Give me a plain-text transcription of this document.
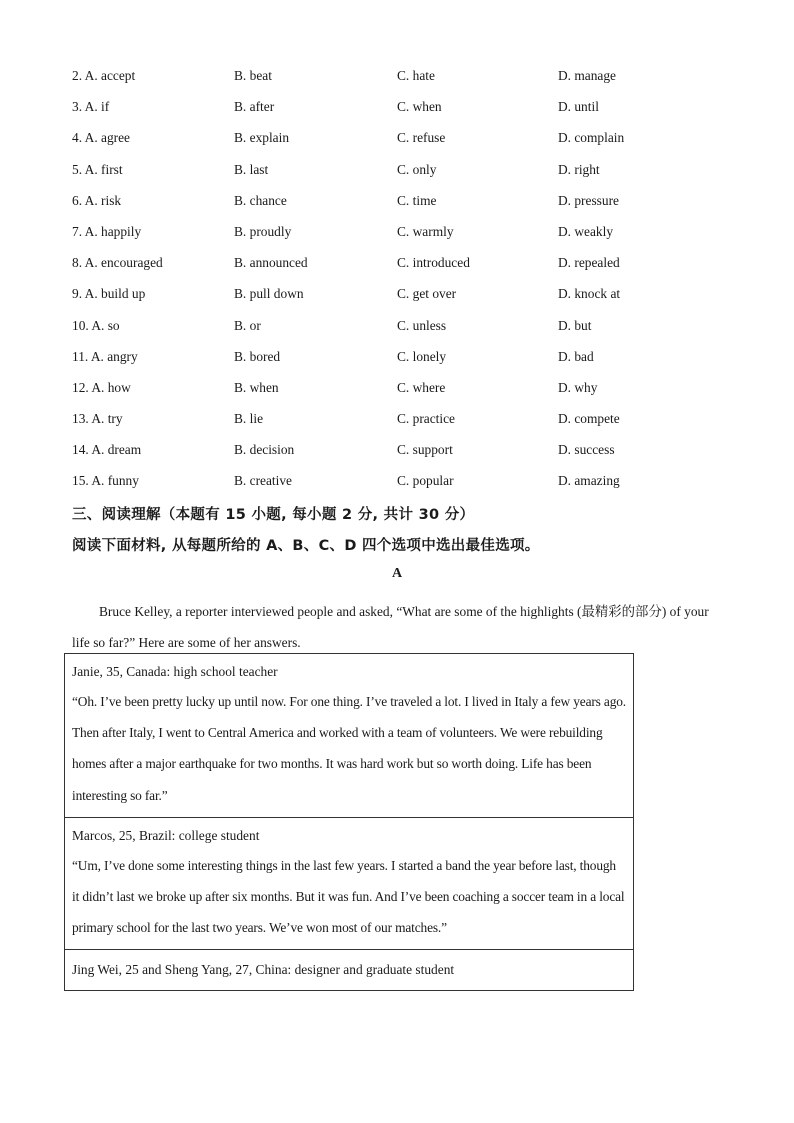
2. A. accept	B. beat	C. hate	D. manage
3. A. if	B. after	C. when	D. until
4. A. agree	B. explain	C. refuse	D. complain
5. A. first	B. last	C. only	D. right
6. A. risk	B. chance	C. time	D. pressure
7. A. happily	B. proudly	C. warmly	D. weakly
8. A. encouraged	B. announced	C. introduced	D. repealed
9. A. build up	B. pull down	C. get over	D. knock at
10. A. so	B. or	C. unless	D. but
11. A. angry	B. bored	C. lonely	D. bad
12. A. how	B. when	C. where	D. why
13. A. try	B. lie	C. practice	D. compete
14. A. dream	B. decision	C. support	D. success
15. A. funny	B. creative	C. popular	D. amazing
三、阅读理解（本题有 15 小题, 每小题 2 分, 共计 30 分）
阅读下面材料, 从每题所给的 A、B、C、D 四个选项中选出最佳选项。
A
Bruce Kelley, a reporter interviewed people and asked, “What are some of the highlights (最精彩的部分) of your life so far?” Here are some of her answers.
Janie, 35, Canada: high school teacher
“Oh. I’ve been pretty lucky up until now. For one thing. I’ve traveled a lot. I lived in Italy a few years ago. Then after Italy, I went to Central America and worked with a team of volunteers. We were rebuilding homes after a major earthquake for two months. It was hard work but so worth doing. Life has been interesting so far.”
Marcos, 25, Brazil: college student
“Um, I’ve done some interesting things in the last few years. I started a band the year before last, though it didn’t last we broke up after six months. But it was fun. And I’ve been coaching a soccer team in a local primary school for the last two years. We’ve won most of our matches.”
Jing Wei, 25 and Sheng Yang, 27, China: designer and graduate student
